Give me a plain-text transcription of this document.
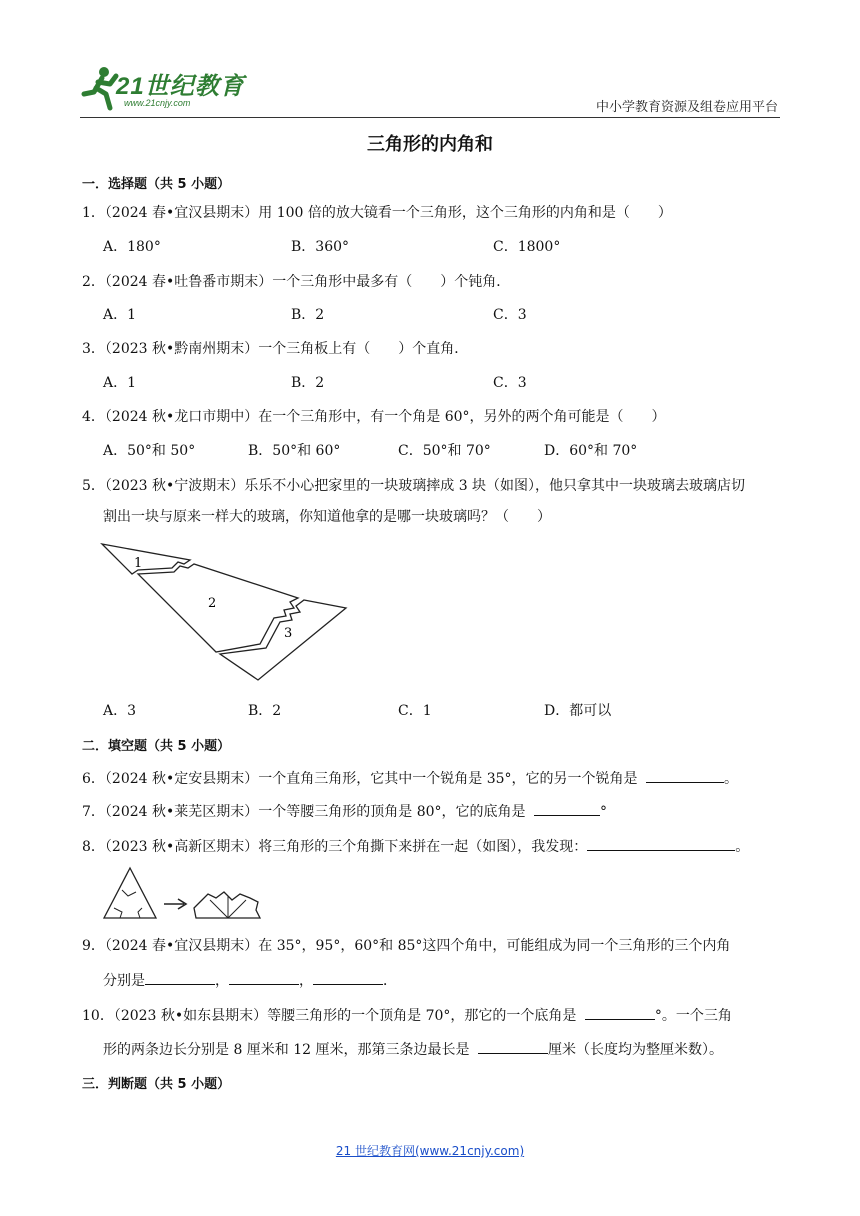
21世纪教育
www.21cnjy.com	中小学教育资源及组卷应用平台
三角形的内角和
一．选择题（共 5 小题）
1．（2024 春•宜汉县期末）用 100 倍的放大镜看一个三角形，这个三角形的内角和是（　　）
A．180°	B．360°	C．1800°
2．（2024 春•吐鲁番市期末）一个三角形中最多有（　　）个钝角．
A．1	B．2	C．3
3．（2023 秋•黔南州期末）一个三角板上有（　　）个直角．
A．1	B．2	C．3
4．（2024 秋•龙口市期中）在一个三角形中，有一个角是 60°，另外的两个角可能是（　　）
A．50°和 50°	B．50°和 60°	C．50°和 70°	D．60°和 70°
5．（2023 秋•宁波期末）乐乐不小心把家里的一块玻璃摔成 3 块（如图），他只拿其中一块玻璃去玻璃店切
割出一块与原来一样大的玻璃，你知道他拿的是哪一块玻璃吗？（　　）
1
2
3
A．3	B．2	C．1	D．都可以
二．填空题（共 5 小题）
6．（2024 秋•定安县期末）一个直角三角形，它其中一个锐角是 35°，它的另一个锐角是	。
7．（2024 秋•莱芜区期末）一个等腰三角形的顶角是 80°，它的底角是	°
8．（2023 秋•高新区期末）将三角形的三个角撕下来拼在一起（如图），我发现：	。
9．（2024 春•宜汉县期末）在 35°，95°，60°和 85°这四个角中，可能组成为同一个三角形的三个内角
分别是	，	，	．
10．（2023 秋•如东县期末）等腰三角形的一个顶角是 70°，那它的一个底角是	°。一个三角
形的两条边长分别是 8 厘米和 12 厘米，那第三条边最长是	厘米（长度均为整厘米数）。
三．判断题（共 5 小题）
21 世纪教育网(www.21cnjy.com)
